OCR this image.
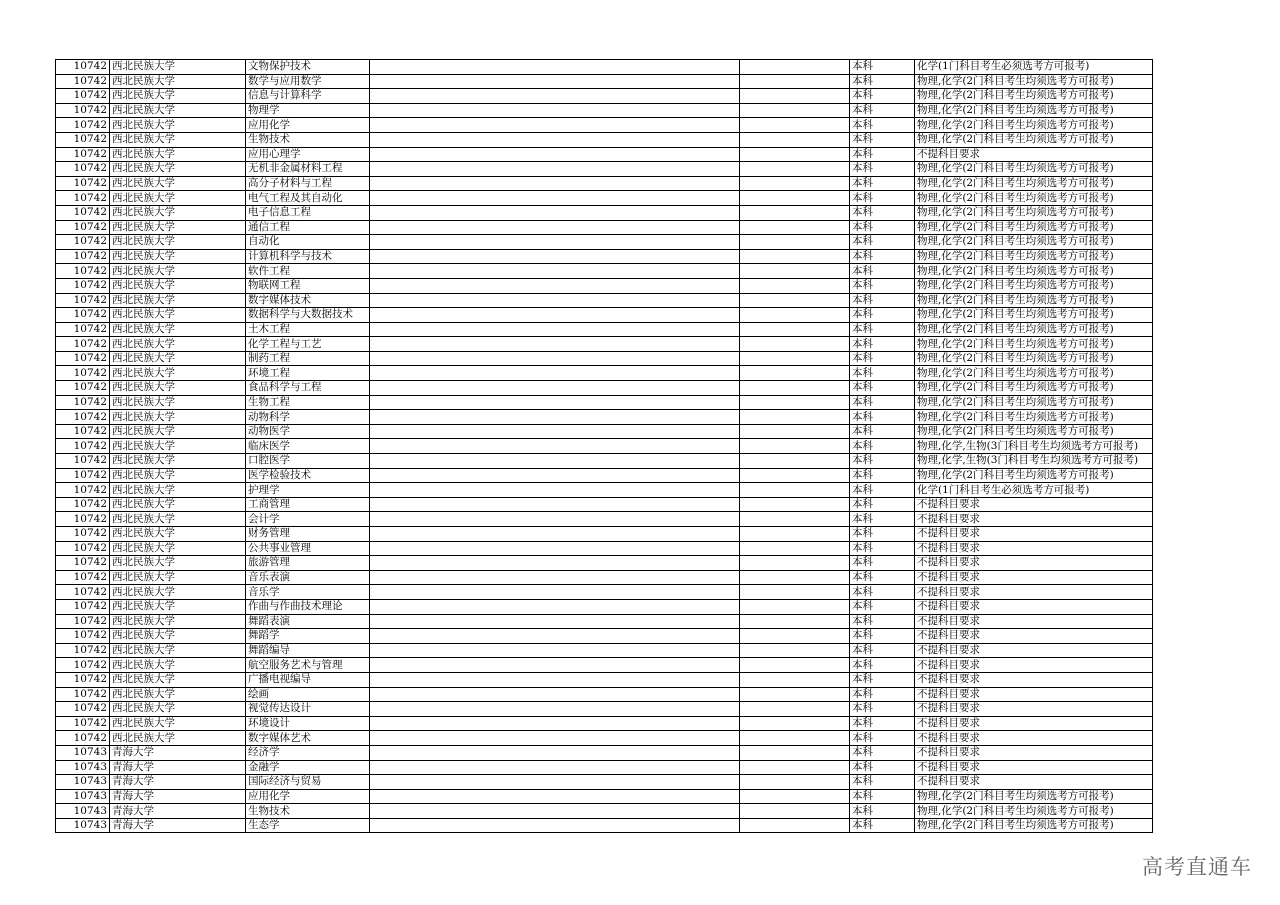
10742	西北民族大学	文物保护技术			本科	化学(1门科目考生必须选考方可报考)
10742	西北民族大学	数学与应用数学			本科	物理,化学(2门科目考生均须选考方可报考)
10742	西北民族大学	信息与计算科学			本科	物理,化学(2门科目考生均须选考方可报考)
10742	西北民族大学	物理学			本科	物理,化学(2门科目考生均须选考方可报考)
10742	西北民族大学	应用化学			本科	物理,化学(2门科目考生均须选考方可报考)
10742	西北民族大学	生物技术			本科	物理,化学(2门科目考生均须选考方可报考)
10742	西北民族大学	应用心理学			本科	不提科目要求
10742	西北民族大学	无机非金属材料工程			本科	物理,化学(2门科目考生均须选考方可报考)
10742	西北民族大学	高分子材料与工程			本科	物理,化学(2门科目考生均须选考方可报考)
10742	西北民族大学	电气工程及其自动化			本科	物理,化学(2门科目考生均须选考方可报考)
10742	西北民族大学	电子信息工程			本科	物理,化学(2门科目考生均须选考方可报考)
10742	西北民族大学	通信工程			本科	物理,化学(2门科目考生均须选考方可报考)
10742	西北民族大学	自动化			本科	物理,化学(2门科目考生均须选考方可报考)
10742	西北民族大学	计算机科学与技术			本科	物理,化学(2门科目考生均须选考方可报考)
10742	西北民族大学	软件工程			本科	物理,化学(2门科目考生均须选考方可报考)
10742	西北民族大学	物联网工程			本科	物理,化学(2门科目考生均须选考方可报考)
10742	西北民族大学	数字媒体技术			本科	物理,化学(2门科目考生均须选考方可报考)
10742	西北民族大学	数据科学与大数据技术			本科	物理,化学(2门科目考生均须选考方可报考)
10742	西北民族大学	土木工程			本科	物理,化学(2门科目考生均须选考方可报考)
10742	西北民族大学	化学工程与工艺			本科	物理,化学(2门科目考生均须选考方可报考)
10742	西北民族大学	制药工程			本科	物理,化学(2门科目考生均须选考方可报考)
10742	西北民族大学	环境工程			本科	物理,化学(2门科目考生均须选考方可报考)
10742	西北民族大学	食品科学与工程			本科	物理,化学(2门科目考生均须选考方可报考)
10742	西北民族大学	生物工程			本科	物理,化学(2门科目考生均须选考方可报考)
10742	西北民族大学	动物科学			本科	物理,化学(2门科目考生均须选考方可报考)
10742	西北民族大学	动物医学			本科	物理,化学(2门科目考生均须选考方可报考)
10742	西北民族大学	临床医学			本科	物理,化学,生物(3门科目考生均须选考方可报考)
10742	西北民族大学	口腔医学			本科	物理,化学,生物(3门科目考生均须选考方可报考)
10742	西北民族大学	医学检验技术			本科	物理,化学(2门科目考生均须选考方可报考)
10742	西北民族大学	护理学			本科	化学(1门科目考生必须选考方可报考)
10742	西北民族大学	工商管理			本科	不提科目要求
10742	西北民族大学	会计学			本科	不提科目要求
10742	西北民族大学	财务管理			本科	不提科目要求
10742	西北民族大学	公共事业管理			本科	不提科目要求
10742	西北民族大学	旅游管理			本科	不提科目要求
10742	西北民族大学	音乐表演			本科	不提科目要求
10742	西北民族大学	音乐学			本科	不提科目要求
10742	西北民族大学	作曲与作曲技术理论			本科	不提科目要求
10742	西北民族大学	舞蹈表演			本科	不提科目要求
10742	西北民族大学	舞蹈学			本科	不提科目要求
10742	西北民族大学	舞蹈编导			本科	不提科目要求
10742	西北民族大学	航空服务艺术与管理			本科	不提科目要求
10742	西北民族大学	广播电视编导			本科	不提科目要求
10742	西北民族大学	绘画			本科	不提科目要求
10742	西北民族大学	视觉传达设计			本科	不提科目要求
10742	西北民族大学	环境设计			本科	不提科目要求
10742	西北民族大学	数字媒体艺术			本科	不提科目要求
10743	青海大学	经济学			本科	不提科目要求
10743	青海大学	金融学			本科	不提科目要求
10743	青海大学	国际经济与贸易			本科	不提科目要求
10743	青海大学	应用化学			本科	物理,化学(2门科目考生均须选考方可报考)
10743	青海大学	生物技术			本科	物理,化学(2门科目考生均须选考方可报考)
10743	青海大学	生态学			本科	物理,化学(2门科目考生均须选考方可报考)
高考直通车
